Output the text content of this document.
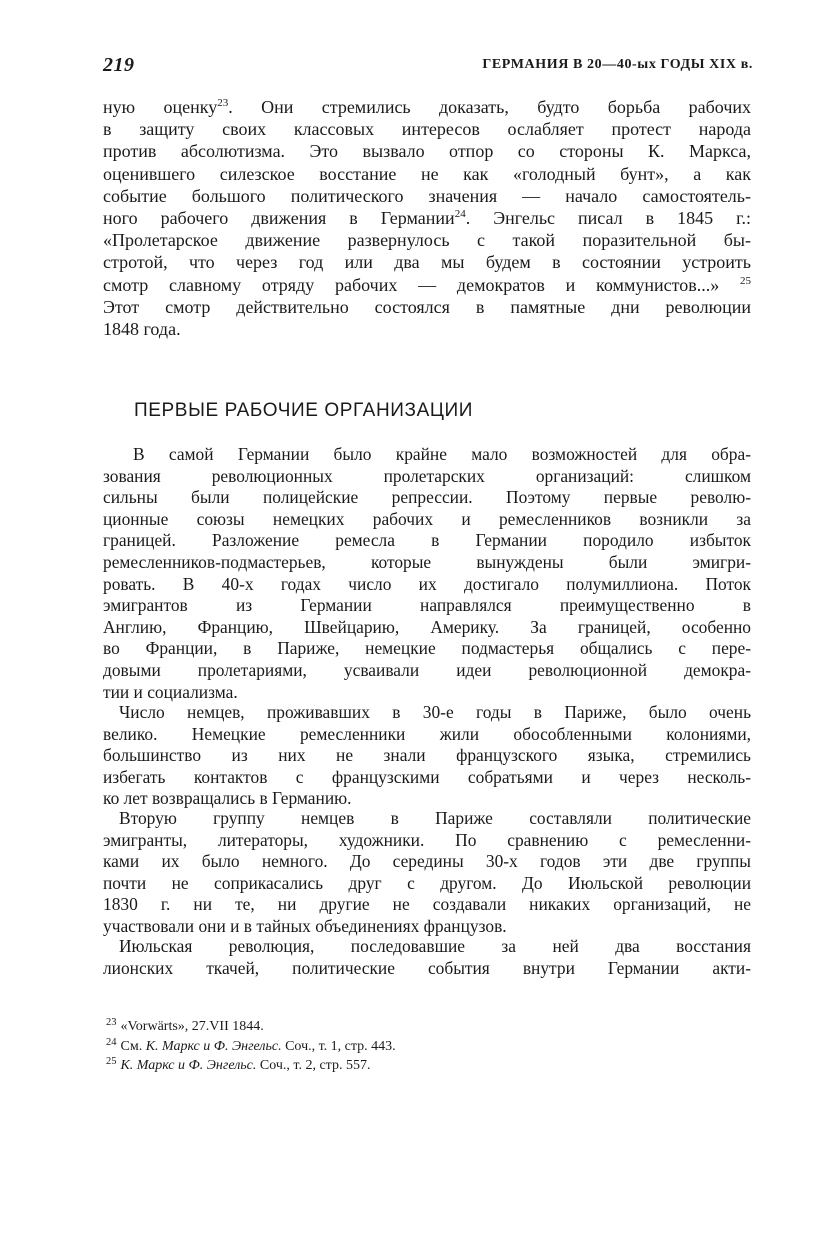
219	ГЕРМАНИЯ В 20—40-ых ГОДЫ XIX в.
ную оценку$^{23}$. Они стремились доказать, будто борьба рабочих
в защиту своих классовых интересов ослабляет протест народа
против абсолютизма. Это вызвало отпор со стороны К. Маркса,
оценившего силезское восстание не как «голодный бунт», а как
событие большого политического значения — начало самостоятель-
ного рабочего движения в Германии$^{24}$. Энгельс писал в 1845 г.:
«Пролетарское движение развернулось с такой поразительной бы-
стротой, что через год или два мы будем в состоянии устроить
смотр славному отряду рабочих — демократов и коммунистов...» $^{25}$
Этот смотр действительно состоялся в памятные дни революции
1848 года.
ПЕРВЫЕ РАБОЧИЕ ОРГАНИЗАЦИИ
В самой Германии было крайне мало возможностей для обра-
зования революционных пролетарских организаций: слишком
сильны были полицейские репрессии. Поэтому первые револю-
ционные союзы немецких рабочих и ремесленников возникли за
границей. Разложение ремесла в Германии породило избыток
ремесленников-подмастерьев, которые вынуждены были эмигри-
ровать. В 40-х годах число их достигало полумиллиона. Поток
эмигрантов из Германии направлялся преимущественно в
Англию, Францию, Швейцарию, Америку. За границей, особенно
во Франции, в Париже, немецкие подмастерья общались с пере-
довыми пролетариями, усваивали идеи революционной демокра-
тии и социализма.
Число немцев, проживавших в 30-е годы в Париже, было очень
велико. Немецкие ремесленники жили обособленными колониями,
большинство из них не знали французского языка, стремились
избегать контактов с французскими собратьями и через несколь-
ко лет возвращались в Германию.
Вторую группу немцев в Париже составляли политические
эмигранты, литераторы, художники. По сравнению с ремесленни-
ками их было немного. До середины 30-х годов эти две группы
почти не соприкасались друг с другом. До Июльской революции
1830 г. ни те, ни другие не создавали никаких организаций, не
участвовали они и в тайных объединениях французов.
Июльская революция, последовавшие за ней два восстания
лионских ткачей, политические события внутри Германии акти-
$^{23}$ «Vorwärts», 27.VII 1844.
$^{24}$ См. К. Маркс и Ф. Энгельс. Соч., т. 1, стр. 443.
$^{25}$ К. Маркс и Ф. Энгельс. Соч., т. 2, стр. 557.
